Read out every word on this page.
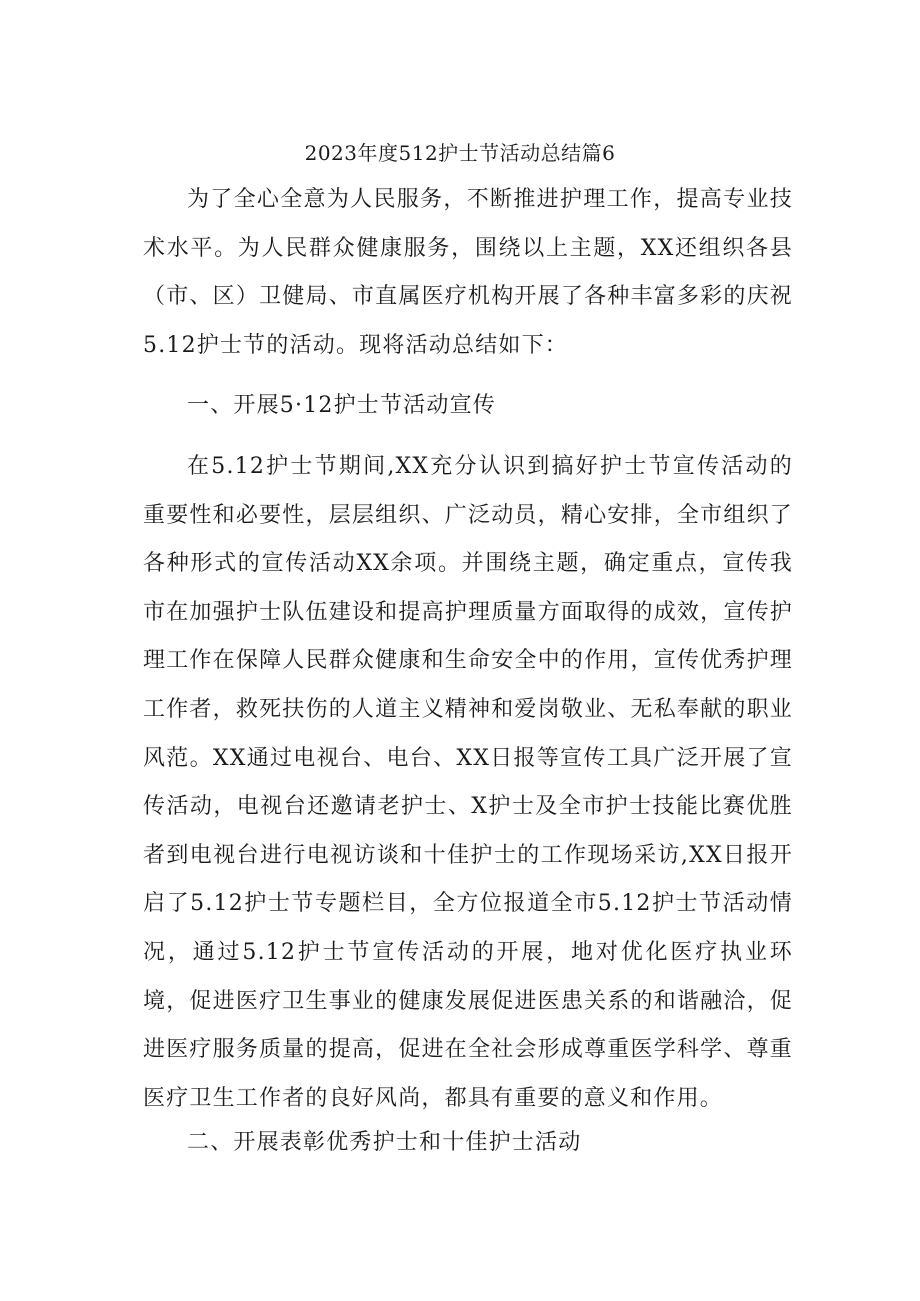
2023年度512护士节活动总结篇6

为了全心全意为人民服务，不断推进护理工作，提高专业技术水平。为人民群众健康服务，围绕以上主题，XX还组织各县（市、区）卫健局、市直属医疗机构开展了各种丰富多彩的庆祝5.12护士节的活动。现将活动总结如下：

一、开展5·12护士节活动宣传

在5.12护士节期间,XX充分认识到搞好护士节宣传活动的重要性和必要性，层层组织、广泛动员，精心安排，全市组织了各种形式的宣传活动XX余项。并围绕主题，确定重点，宣传我市在加强护士队伍建设和提高护理质量方面取得的成效，宣传护理工作在保障人民群众健康和生命安全中的作用，宣传优秀护理工作者，救死扶伤的人道主义精神和爱岗敬业、无私奉献的职业风范。XX通过电视台、电台、XX日报等宣传工具广泛开展了宣传活动，电视台还邀请老护士、X护士及全市护士技能比赛优胜者到电视台进行电视访谈和十佳护士的工作现场采访,XX日报开启了5.12护士节专题栏目，全方位报道全市5.12护士节活动情况，通过5.12护士节宣传活动的开展，地对优化医疗执业环境，促进医疗卫生事业的健康发展促进医患关系的和谐融洽，促进医疗服务质量的提高，促进在全社会形成尊重医学科学、尊重医疗卫生工作者的良好风尚，都具有重要的意义和作用。

二、开展表彰优秀护士和十佳护士活动
